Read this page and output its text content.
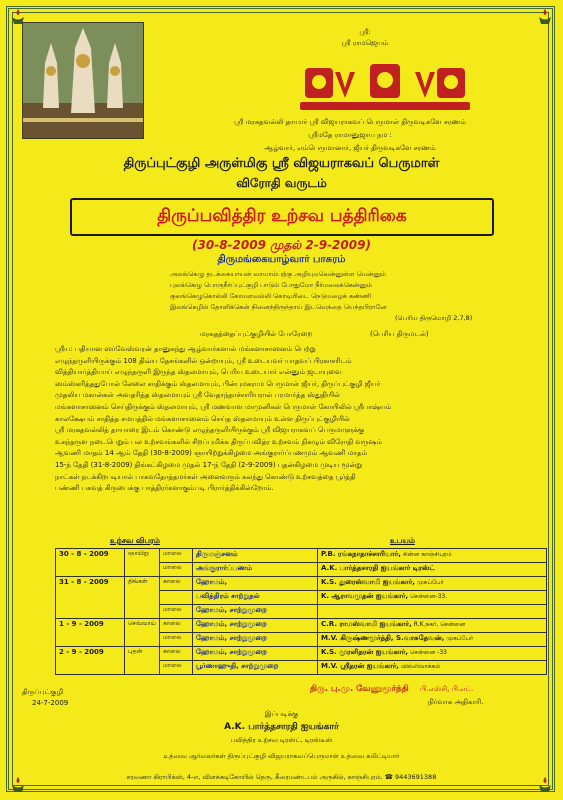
ஸ்ரீ:
ஸ்ரீ ராமஜெயம்
ஸ்ரீ மரகதவல்லி தாயார் ஸ்ரீ விஜயராகவப் பெருமாள் திருவடிகளே சரணம்
ஸ்ரீமதே ராமானுஜாய நம :
ஆழ்வார், எம்பெருமானார், ஜீயர் திருவடிகளே சரணம்
திருப்புட்குழி அருள்மிகு ஸ்ரீ விஜயராகவப் பெருமாள்
விரோதி வருடம்
திருப்பவித்திர உற்சவ பத்திரிகை
(30-8-2009 முதல் 2-9-2009)
திருமங்கையாழ்வார் பாசுரம்
அலங்கெழு தடக்கையாயன் வாயாம்பற்கு அழியுமலென்னுள்ள மென்னும்
புலங்கெழு பொருநீர்ப்புட்குழி பாடும் போதுமோ நீர்மலைக்கென்னும்
குலங்கெழுகொல்லி கோமளவல்லி கொடியிடை நெடுமழைக் கண்ணி
இலங்கெழில் தோளிக்கென் நினைந்திருந்தாய் இடவெந்தை யெந்தபிரானே
(பெரிய திருமொழி 2,7,8)
மரகதத்தைப்புட்குழியில் போரேறை	(பெரிய திருமடல்)
ஸ்ரீய: பதியான ஸர்வேஸ்வரன் தானுகந்து ஆழ்வார்களால் மங்களாசாஸனம் பெற்று
எழுந்தருளியிருக்கும் 108 திவ்ய தேசங்களில் ஒன்றாயும், ஸ்ரீ உடையவர் யாதவப் பிரகாசரிடம்
வித்தியார்த்தியாய் எழுந்தருளி இருந்த ஸ்தலமாயும், பெரிய உடையார் என்னும் ஜடாயுவை
ஸம்ஸ்கரித்ததுபோல் லேலை சாதிக்கும் ஸ்தலமாயும், பின்புமகராம பெருமாள் ஜீயர், திருப்புட்குழி ஜீயர்
முதலிய மகான்கள் அவதரித்த ஸ்தலமாயும் ஸ்ரீ வேதாந்தாச்சாரியரால் பரமார்த்த ஸ்துதியில்
மங்களாசாஸனம் செய்திருக்கும் ஸ்தலமாயும், ஸ்ரீ மணவாள மாமுனிகள் பெருமாள் கோயிலில் ஸ்ரீபாஷ்யம்
காலக்ஷேபம் சாதித்த சமயத்தில் மங்களாசாஸனம் செய்த ஸ்தலமாயும் உள்ள திருப்புட்குழியில்
ஸ்ரீ மரகதவல்லித் தாயாரை இடம் கொண்டு எழுந்தருளியிருக்கும் ஸ்ரீ விஜயராகவப் பெருமாளுக்கு
உகந்தருள நடைபெறும் பல உற்சவங்களில் சிறப்புமிக்க திருப்பவித்ர உற்சவம் நிகழும் விரோதி வருஷம்
ஆவணி மாதம் 14 ஆம் தேதி (30-8-2009) ஞாயிற்றுக்கிழமை அங்குரார்ப்பணமும் ஆவணி மாதம்
15-ந் தேதி (31-8-2009) திங்கட்கிழமை முதல் 17-ந் தேதி (2-9-2009) புதன்கிழமை முடிய மூன்று
நாட்கள் நடக்கிறபடியால் பாகவதோத்தமர்கள் அனைவரும் கலந்து கொண்டு உற்சவத்தை பூர்த்தி
பண்ணி பகவத் கிருபைக்கு பாத்திரர்களாகும்படி பிரார்த்திக்கின்றோம்.
உற்சவ விபரம்	உபயம்
30 - 8 - 2009	ஞாயிறு	மாலை	திருமஞ்சனம்	P.B. ரங்கநாதாச்சாரியார், சின்ன காஞ்சிபுரம்
		மாலை	அங்குரார்ப்பணம்	A.K. பார்த்தசாரதி ஐயங்கார் டிரஸ்ட்
31 - 8 - 2009	திங்கள்	காலை	ஹோமம்,	K.S. துரைஸ்வாமி ஐயங்கார், முகப்பேர்
			பவித்திரம் சாற்றுதல்	K. ஆராவமுதன் ஐயங்கார், சென்னை-33.
		மாலை	ஹோமம், சாற்றுமுறை	
1 - 9 - 2009	செவ்வாய்	காலை	ஹோமம், சாற்றுமுறை	C.R. ராமஸ்வாமி ஐயங்கார், R.K.நகர், சென்னை
		மாலை	ஹோமம், சாற்றுமுறை	M.V. கிருஷ்ணமூர்த்தி, S.வாசுதேவன், முகப்பேர்
2 - 9 - 2009	புதன்	காலை	ஹோமம், சாற்றுமுறை	K.S. முரளிதரன் ஐயங்கார், சென்னை -33
		மாலை	பூர்ணாஹுதி, சாற்றுமுறை	M.V. ஸ்ரீதரன் ஐயங்கார், வில்லிவாக்கம்
திருப்புட்குழி
24-7-2009
திரு. பு.மு. வேணுமூர்த்தி பி.எஸ்சி, பி.எட்.
நிர்வாக அதிகாரி.
இப்படிக்கு
A.K. பார்த்தசாரதி ஐயங்கார்
பவித்திர உற்சவ டிரஸ்ட், டிரஸ்டீஸ்
உத்ஸவ ஆர்வலர்கள் திருப்புட்குழி விஜயராகவப்பெருமாள் உத்ஸவ கமிட்டியார்
சரவணா கிராபிக்ஸ், 4-எ, விளக்கடிகோயில் தெரு, கீரைமண்டபம் அருகில், காஞ்சிபுரம். ☎ 9443691388
